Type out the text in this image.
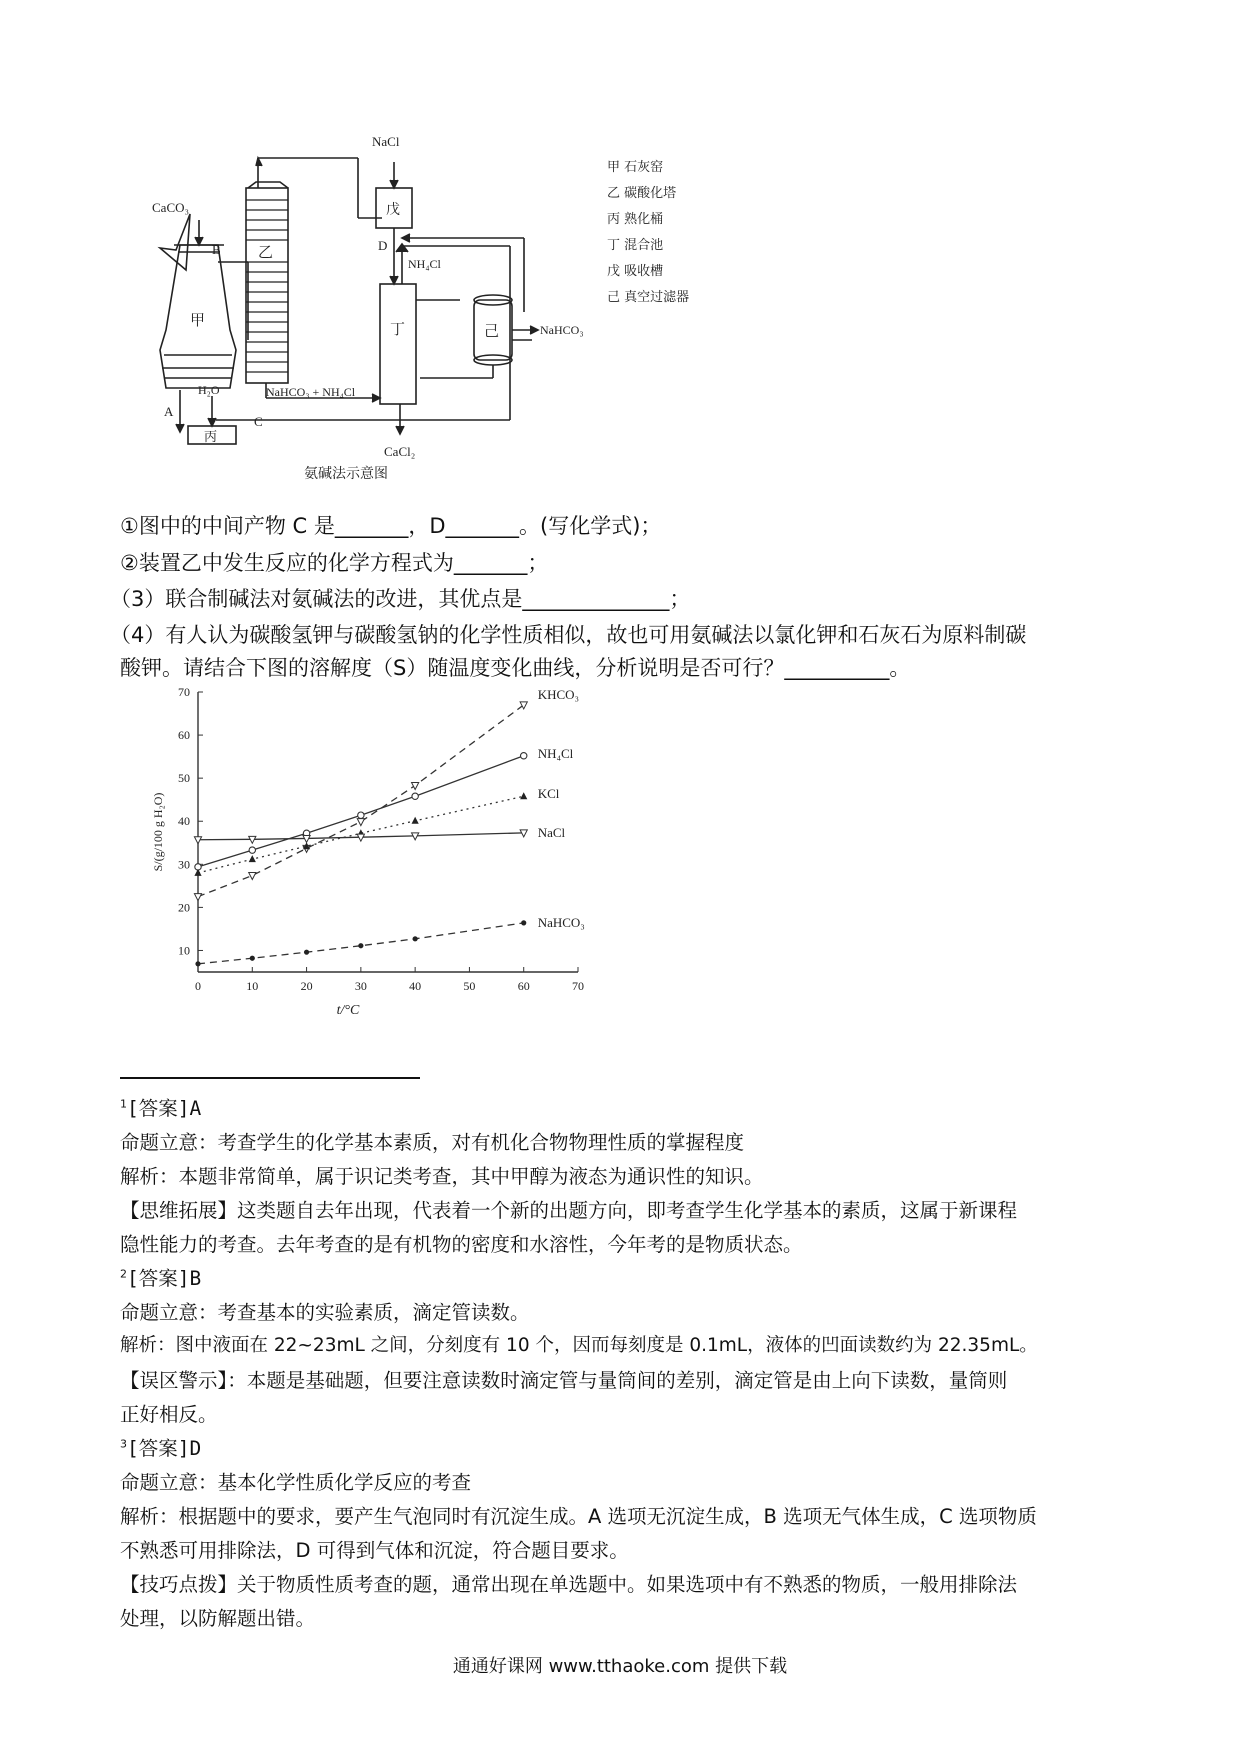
CaCO₃
NaCl
B	D
A
C
H₂O
NH₄Cl
NaHCO₃
NaHCO₃ + NH₄Cl
CaCl₂
甲
乙
丙
丁
戊
己
氨碱法示意图
甲 石灰窑
乙 碳酸化塔
丙 熟化桶
丁 混合池
戊 吸收槽
己 真空过滤器
①图中的中间产物 C 是_______，D_______。(写化学式)；
②装置乙中发生反应的化学方程式为_______；
（3）联合制碱法对氨碱法的改进，其优点是______________；
（4）有人认为碳酸氢钾与碳酸氢钠的化学性质相似，故也可用氨碱法以氯化钾和石灰石为原料制碳
酸钾。请结合下图的溶解度（S）随温度变化曲线，分析说明是否可行？__________。
10
20
30
40
50
60
70
0	10	20	30	40	50	60	70
t/°C
S/(g/100 g H₂O)
KHCO₃
NH₄Cl
KCl
NaCl
NaHCO₃
$^1$[答案]A
命题立意：考查学生的化学基本素质，对有机化合物物理性质的掌握程度
解析：本题非常简单，属于识记类考查，其中甲醇为液态为通识性的知识。
【思维拓展】这类题自去年出现，代表着一个新的出题方向，即考查学生化学基本的素质，这属于新课程
隐性能力的考查。去年考查的是有机物的密度和水溶性，今年考的是物质状态。
$^2$[答案]B
命题立意：考查基本的实验素质，滴定管读数。
解析：图中液面在 22~23mL 之间，分刻度有 10 个，因而每刻度是 0.1mL，液体的凹面读数约为 22.35mL。
【误区警示】：本题是基础题，但要注意读数时滴定管与量筒间的差别，滴定管是由上向下读数，量筒则
正好相反。
$^3$[答案]D
命题立意：基本化学性质化学反应的考查
解析：根据题中的要求，要产生气泡同时有沉淀生成。A 选项无沉淀生成，B 选项无气体生成，C 选项物质
不熟悉可用排除法，D 可得到气体和沉淀，符合题目要求。
【技巧点拨】关于物质性质考查的题，通常出现在单选题中。如果选项中有不熟悉的物质，一般用排除法
处理，以防解题出错。
通通好课网 www.tthaoke.com 提供下载
